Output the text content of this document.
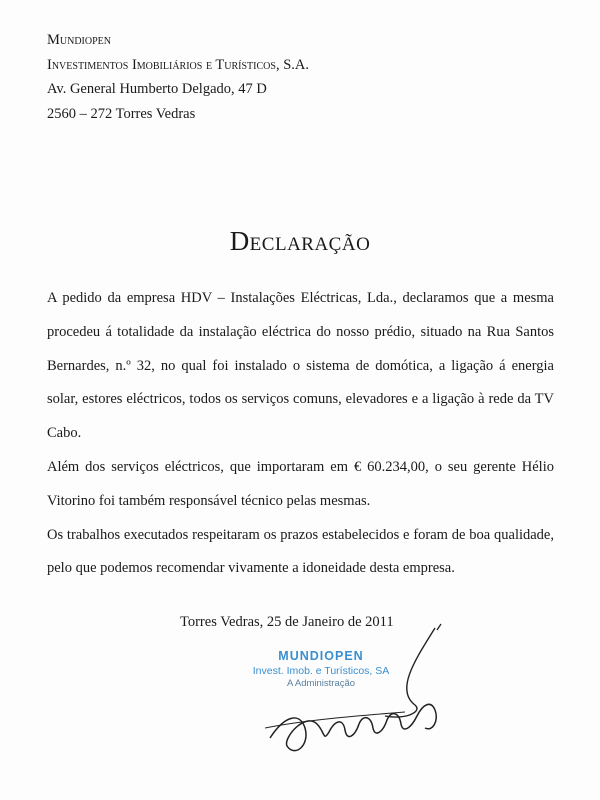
Mundiopen
Investimentos Imobiliários e Turísticos, S.A.
Av. General Humberto Delgado, 47 D
2560 – 272 Torres Vedras
Declaração

A pedido da empresa HDV – Instalações Eléctricas, Lda., declaramos que a mesma procedeu á totalidade da instalação eléctrica do nosso prédio, situado na Rua Santos Bernardes, n.º 32, no qual foi instalado o sistema de domótica, a ligação á energia solar, estores eléctricos, todos os serviços comuns, elevadores e a ligação à rede da TV Cabo.

Além dos serviços eléctricos, que importaram em € 60.234,00, o seu gerente Hélio Vitorino foi também responsável técnico pelas mesmas.

Os trabalhos executados respeitaram os prazos estabelecidos e foram de boa qualidade, pelo que podemos recomendar vivamente a idoneidade desta empresa.

Torres Vedras, 25 de Janeiro de 2011
MUNDIOPEN
Invest. Imob. e Turísticos, SA
A Administração
